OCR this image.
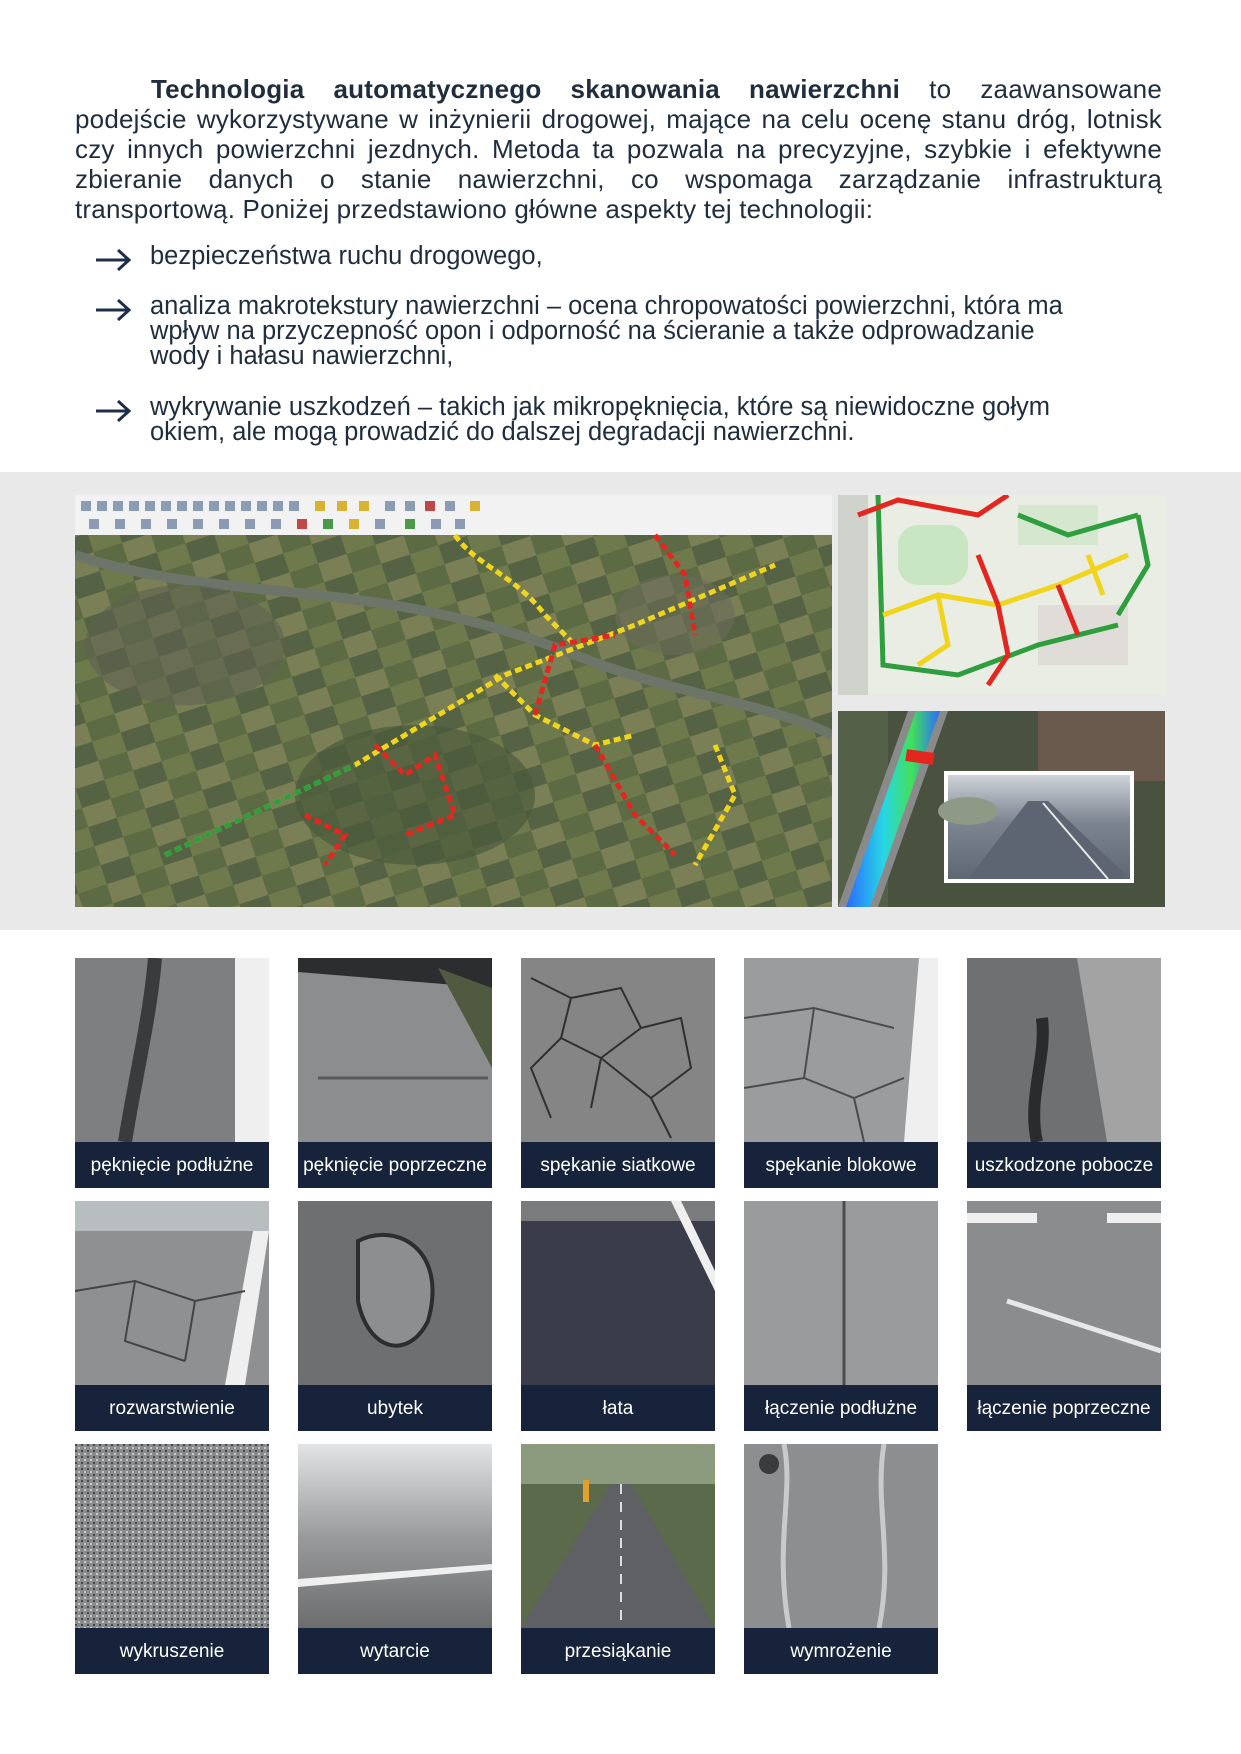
Technologia automatycznego skanowania nawierzchni to zaawansowane podejście wykorzystywane w inżynierii drogowej, mające na celu ocenę stanu dróg, lotnisk czy innych powierzchni jezdnych. Metoda ta pozwala na precyzyjne, szybkie i efektywne zbieranie danych o stanie nawierzchni, co wspomaga zarządzanie infrastrukturą transportową. Poniżej przedstawiono główne aspekty tej technologii:

bezpieczeństwa ruchu drogowego,
analiza makrotekstury nawierzchni – ocena chropowatości powierzchni, która ma wpływ na przyczepność opon i odporność na ścieranie a także odprowadzanie wody i hałasu nawierzchni,
wykrywanie uszkodzeń – takich jak mikropęknięcia, które są niewidoczne gołym okiem, ale mogą prowadzić do dalszej degradacji nawierzchni.
pęknięcie podłużne	pęknięcie poprzeczne	spękanie siatkowe	spękanie blokowe	uszkodzone pobocze
rozwarstwienie	ubytek	łata	łączenie podłużne	łączenie poprzeczne
wykruszenie	wytarcie	przesiąkanie	wymrożenie
